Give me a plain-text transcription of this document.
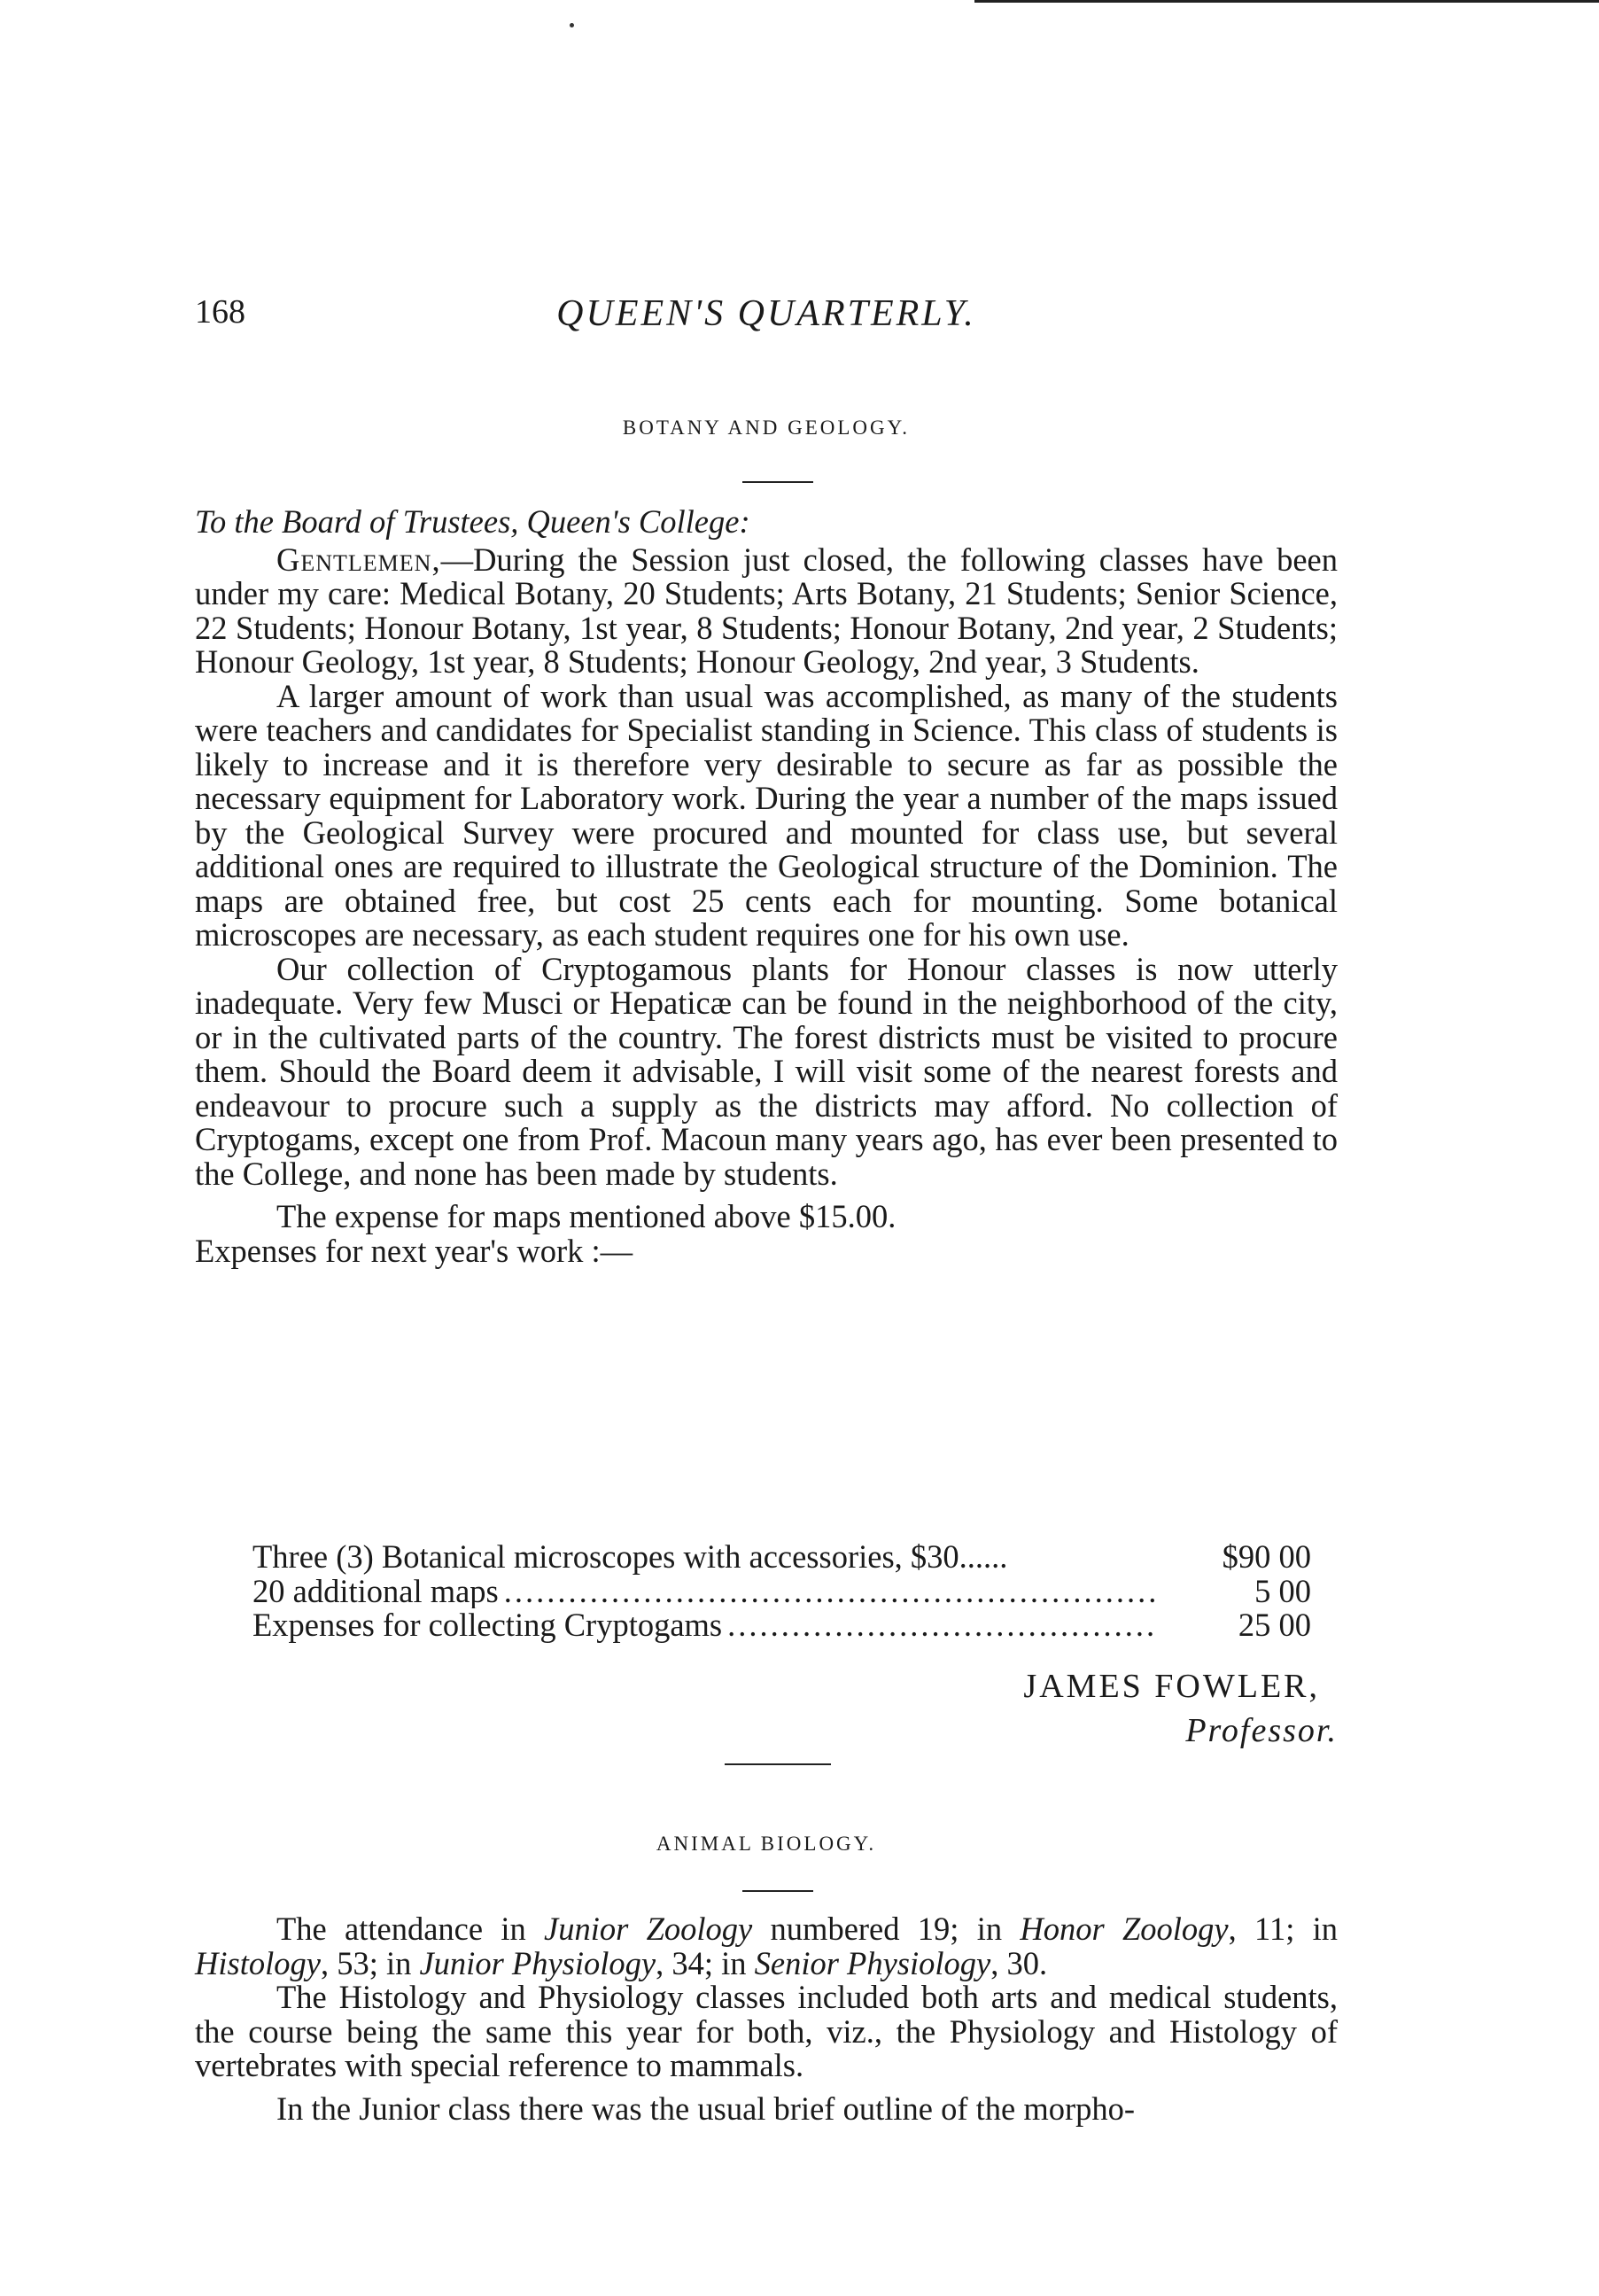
168	QUEEN'S QUARTERLY.
BOTANY AND GEOLOGY.

To the Board of Trustees, Queen's College:

Gentlemen,—During the Session just closed, the following classes have been under my care: Medical Botany, 20 Students; Arts Botany, 21 Students; Senior Science, 22 Students; Honour Botany, 1st year, 8 Students; Honour Botany, 2nd year, 2 Students; Honour Geology, 1st year, 8 Students; Honour Geology, 2nd year, 3 Students.

A larger amount of work than usual was accomplished, as many of the students were teachers and candidates for Specialist standing in Science. This class of students is likely to increase and it is therefore very desirable to secure as far as possible the necessary equipment for Laboratory work. During the year a number of the maps issued by the Geological Survey were procured and mounted for class use, but several additional ones are required to illustrate the Geological structure of the Dominion. The maps are obtained free, but cost 25 cents each for mounting. Some botanical microscopes are necessary, as each student requires one for his own use.

Our collection of Cryptogamous plants for Honour classes is now utterly inadequate. Very few Musci or Hepaticæ can be found in the neighborhood of the city, or in the cultivated parts of the country. The forest districts must be visited to procure them. Should the Board deem it advisable, I will visit some of the nearest forests and endeavour to procure such a supply as the districts may afford. No collection of Cryptogams, except one from Prof. Macoun many years ago, has ever been presented to the College, and none has been made by students.

The expense for maps mentioned above $15.00.

Expenses for next year's work :—

Three (3) Botanical microscopes with accessories, $30......	$90 00
20 additional maps .....	5 00
Expenses for collecting Cryptogams .....	25 00
JAMES FOWLER,
Professor.
ANIMAL BIOLOGY.

The attendance in Junior Zoology numbered 19; in Honor Zoology, 11; in Histology, 53; in Junior Physiology, 34; in Senior Physiology, 30.

The Histology and Physiology classes included both arts and medical students, the course being the same this year for both, viz., the Physiology and Histology of vertebrates with special reference to mammals.

In the Junior class there was the usual brief outline of the morpho-
